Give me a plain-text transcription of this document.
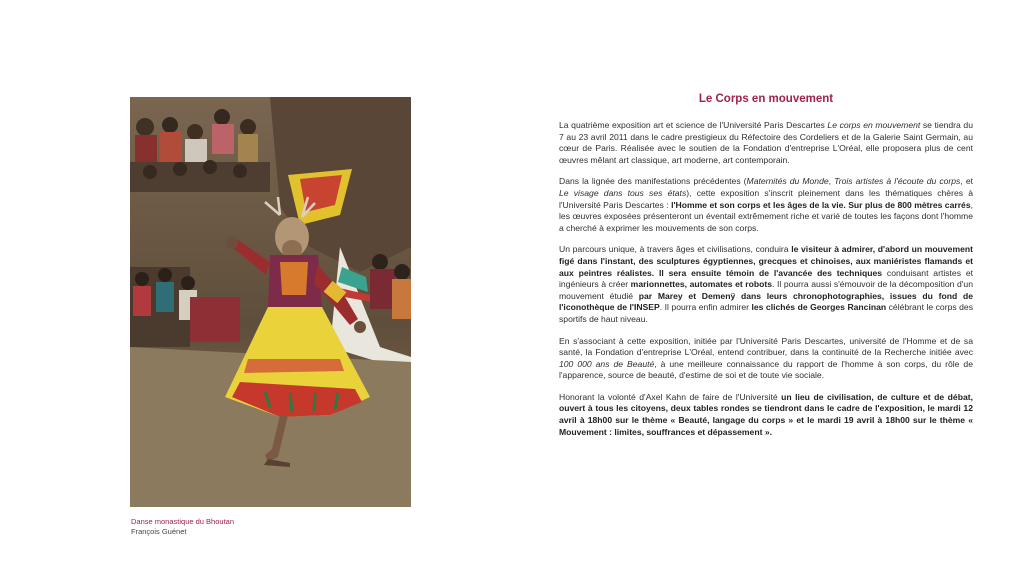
Danse monastique du Bhoutan
François Guénet
Le Corps en mouvement

La quatrième exposition art et science de l'Université Paris Descartes Le corps en mouvement se tiendra du 7 au 23 avril 2011 dans le cadre prestigieux du Réfectoire des Cordeliers et de la Galerie Saint Germain, au cœur de Paris. Réalisée avec le soutien de la Fondation d'entreprise L'Oréal, elle proposera plus de cent œuvres mêlant art classique, art moderne, art contemporain.

Dans la lignée des manifestations précédentes (Maternités du Monde, Trois artistes à l'écoute du corps, et Le visage dans tous ses états), cette exposition s'inscrit pleinement dans les thématiques chères à l'Université Paris Descartes : l'Homme et son corps et les âges de la vie. Sur plus de 800 mètres carrés, les œuvres exposées présenteront un éventail extrêmement riche et varié de toutes les façons dont l'homme a cherché à exprimer les mouvements de son corps.

Un parcours unique, à travers âges et civilisations, conduira le visiteur à admirer, d'abord un mouvement figé dans l'instant, des sculptures égyptiennes, grecques et chinoises, aux maniéristes flamands et aux peintres réalistes. Il sera ensuite témoin de l'avancée des techniques conduisant artistes et ingénieurs à créer marionnettes, automates et robots. Il pourra aussi s'émouvoir de la décomposition d'un mouvement étudié par Marey et Demenÿ dans leurs chronophotographies, issues du fond de l'iconothèque de l'INSEP. Il pourra enfin admirer les clichés de Georges Rancinan célébrant le corps des sportifs de haut niveau.

En s'associant à cette exposition, initiée par l'Université Paris Descartes, université de l'Homme et de sa santé, la Fondation d'entreprise L'Oréal, entend contribuer, dans la continuité de la Recherche initiée avec 100 000 ans de Beauté, à une meilleure connaissance du rapport de l'homme à son corps, du rôle de l'apparence, source de beauté, d'estime de soi et de toute vie sociale.

Honorant la volonté d'Axel Kahn de faire de l'Université un lieu de civilisation, de culture et de débat, ouvert à tous les citoyens, deux tables rondes se tiendront dans le cadre de l'exposition, le mardi 12 avril à 18h00 sur le thème « Beauté, langage du corps » et le mardi 19 avril à 18h00 sur le thème « Mouvement : limites, souffrances et dépassement ».
